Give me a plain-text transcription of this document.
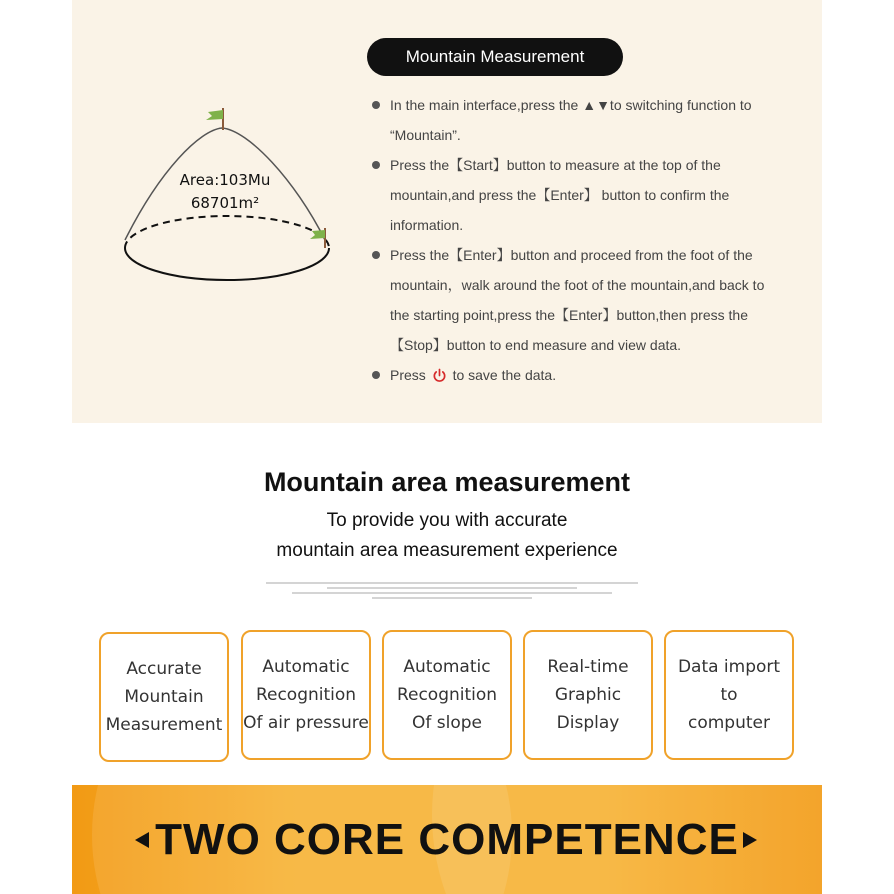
Mountain Measurement
Area:103Mu
68701m²
In the main interface,press the ▲▼to switching function to “Mountain”.
Press the【Start】button to measure at the top of the mountain,and press the【Enter】 button to confirm the information.
Press the【Enter】button and proceed from the foot of the mountain，walk around the foot of the mountain,and back to the starting point,press the【Enter】button,then press the【Stop】button to end measure and view data.
Press  to save the data.
Mountain area measurement
To provide you with accurate
mountain area measurement experience
Accurate
Mountain
Measurement
Automatic
Recognition
Of air pressure
Automatic
Recognition
Of slope
Real-time
Graphic
Display
Data import
to
computer
TWO CORE COMPETENCE
